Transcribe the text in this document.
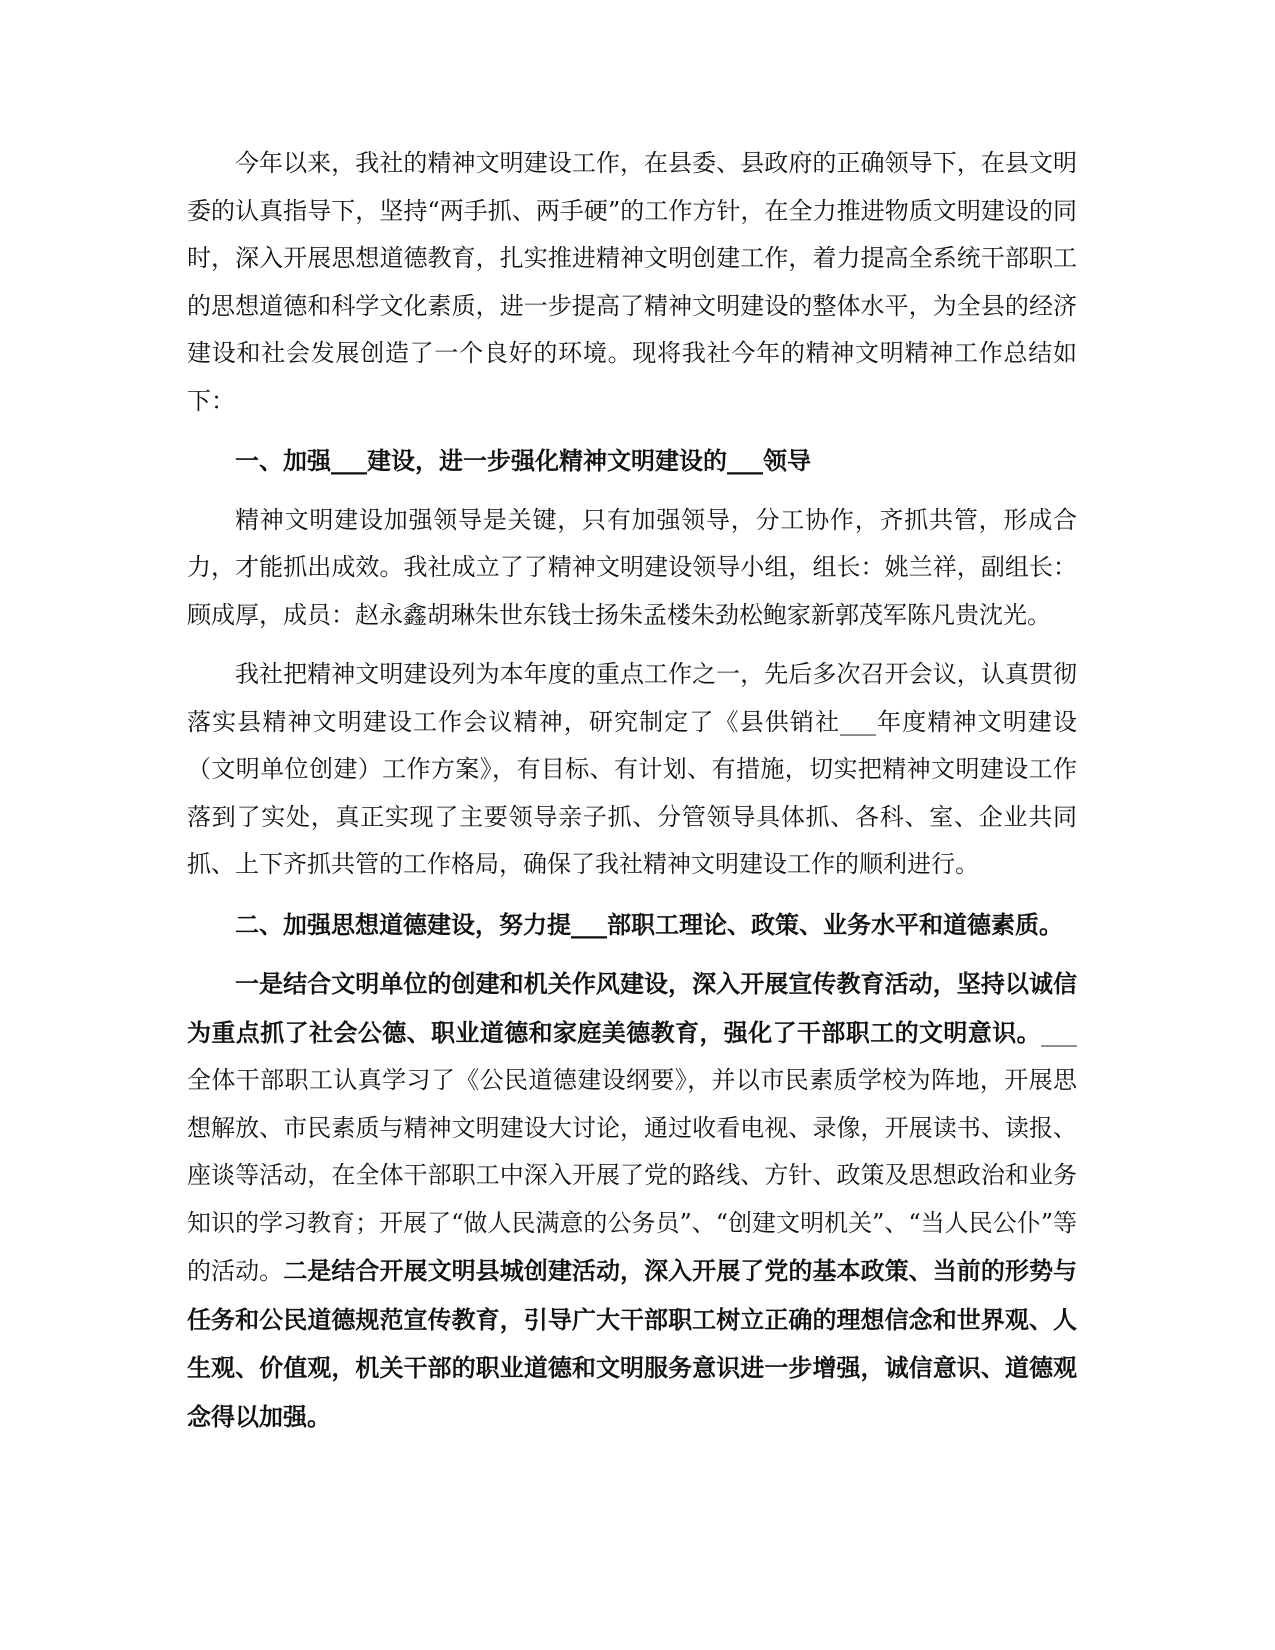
今年以来，我社的精神文明建设工作，在县委、县政府的正确领导下，在县文明委的认真指导下，坚持“两手抓、两手硬”的工作方针，在全力推进物质文明建设的同时，深入开展思想道德教育，扎实推进精神文明创建工作，着力提高全系统干部职工的思想道德和科学文化素质，进一步提高了精神文明建设的整体水平，为全县的经济建设和社会发展创造了一个良好的环境。现将我社今年的精神文明精神工作总结如下：

一、加强___建设，进一步强化精神文明建设的___领导

精神文明建设加强领导是关键，只有加强领导，分工协作，齐抓共管，形成合力，才能抓出成效。我社成立了了精神文明建设领导小组，组长：姚兰祥，副组长：顾成厚，成员：赵永鑫胡琳朱世东钱士扬朱孟楼朱劲松鲍家新郭茂军陈凡贵沈光。

我社把精神文明建设列为本年度的重点工作之一，先后多次召开会议，认真贯彻落实县精神文明建设工作会议精神，研究制定了《县供销社___年度精神文明建设（文明单位创建）工作方案》，有目标、有计划、有措施，切实把精神文明建设工作落到了实处，真正实现了主要领导亲子抓、分管领导具体抓、各科、室、企业共同抓、上下齐抓共管的工作格局，确保了我社精神文明建设工作的顺利进行。

二、加强思想道德建设，努力提___部职工理论、政策、业务水平和道德素质。

一是结合文明单位的创建和机关作风建设，深入开展宣传教育活动，坚持以诚信为重点抓了社会公德、职业道德和家庭美德教育，强化了干部职工的文明意识。___全体干部职工认真学习了《公民道德建设纲要》，并以市民素质学校为阵地，开展思想解放、市民素质与精神文明建设大讨论，通过收看电视、录像，开展读书、读报、座谈等活动，在全体干部职工中深入开展了党的路线、方针、政策及思想政治和业务知识的学习教育；开展了“做人民满意的公务员”、“创建文明机关”、“当人民公仆”等的活动。二是结合开展文明县城创建活动，深入开展了党的基本政策、当前的形势与任务和公民道德规范宣传教育，引导广大干部职工树立正确的理想信念和世界观、人生观、价值观，机关干部的职业道德和文明服务意识进一步增强，诚信意识、道德观念得以加强。
